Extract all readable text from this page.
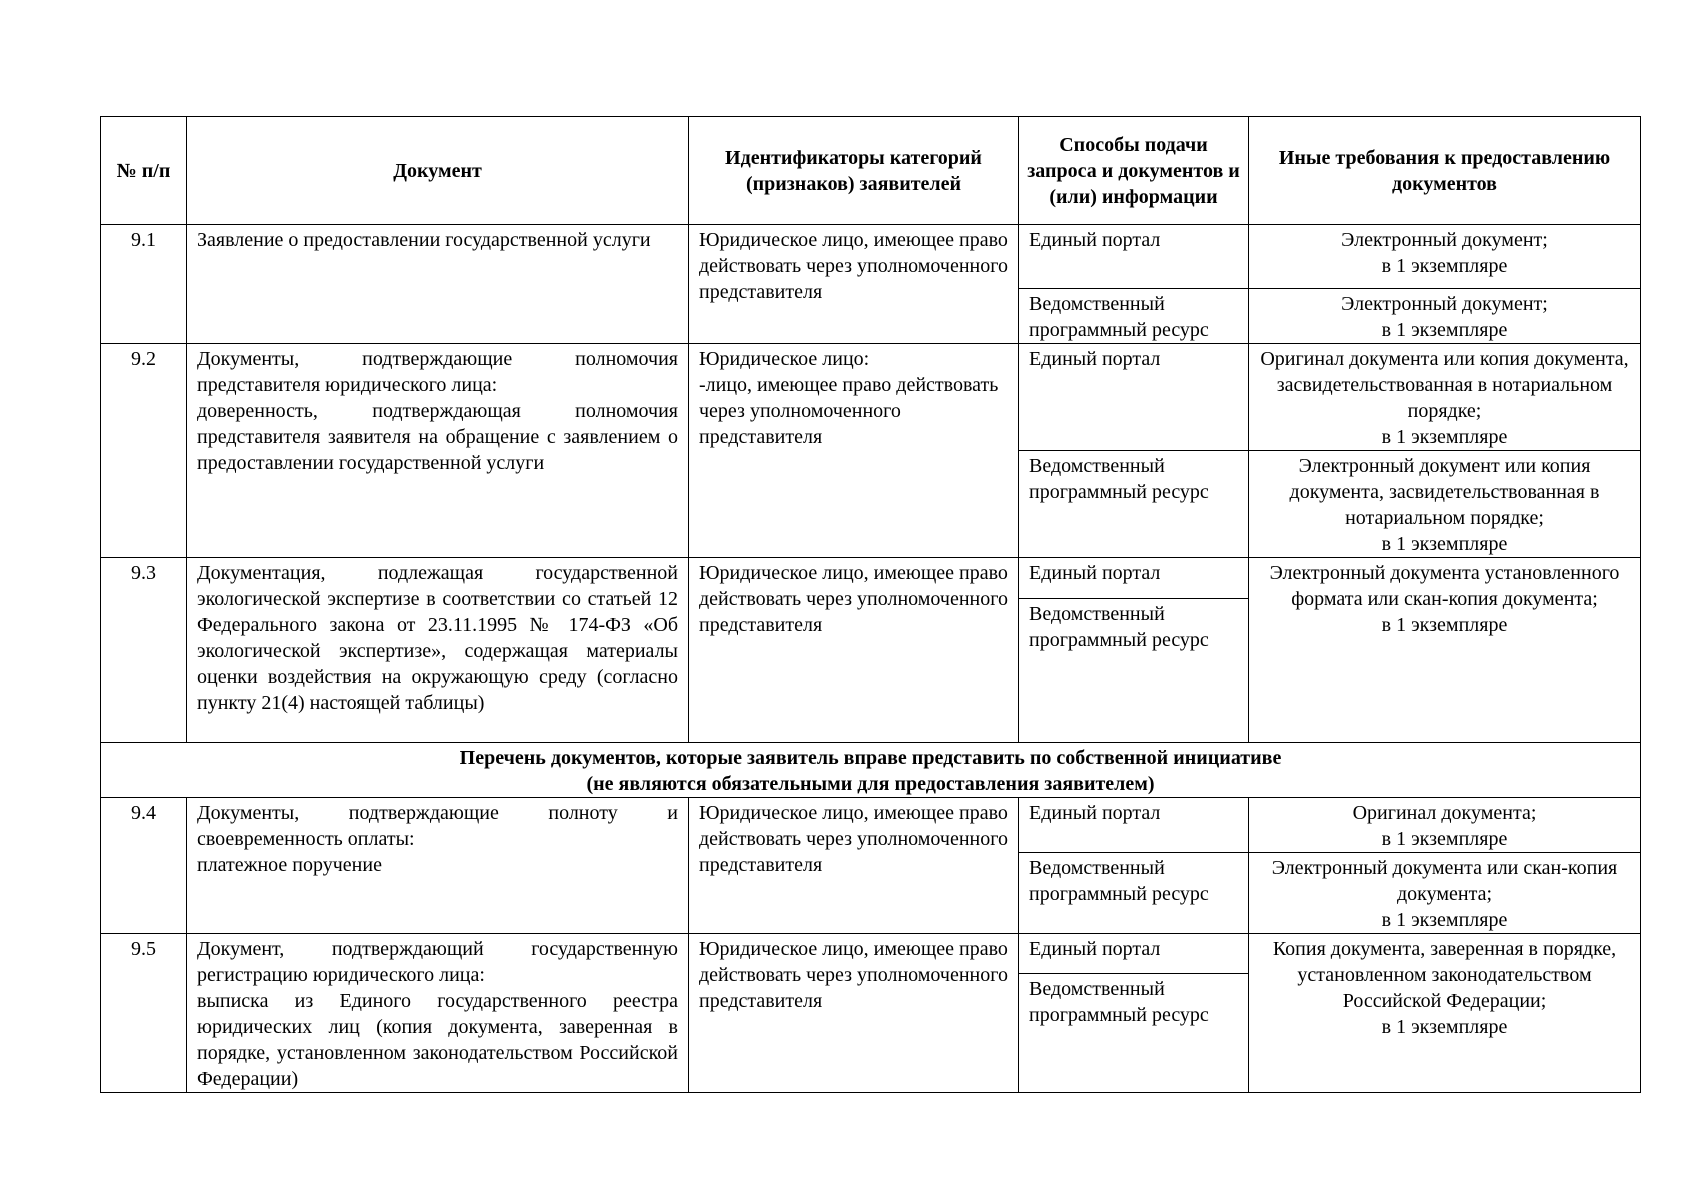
№ п/п	Документ	Идентификаторы категорий (признаков) заявителей	Способы подачи запроса и документов и (или) информации	Иные требования к предоставлению документов
9.1	Заявление о предоставлении государственной услуги	Юридическое лицо, имеющее право действовать через уполномоченного представителя	Единый портал	Электронный документ;
в 1 экземпляре
			Ведомственный программный ресурс	Электронный документ;
в 1 экземпляре
9.2	Документы, подтверждающие полномочия представителя юридического лица:
доверенность, подтверждающая полномочия представителя заявителя на обращение с заявлением о предоставлении государственной услуги	Юридическое лицо:
-лицо, имеющее право действовать через уполномоченного представителя	Единый портал	Оригинал документа или копия документа, засвидетельствованная в нотариальном порядке;
в 1 экземпляре
			Ведомственный программный ресурс	Электронный документ или копия документа, засвидетельствованная в нотариальном порядке;
в 1 экземпляре
9.3	Документация, подлежащая государственной экологической экспертизе в соответствии со статьей 12 Федерального закона от 23.11.1995 № 174-ФЗ «Об экологической экспертизе», содержащая материалы оценки воздействия на окружающую среду (согласно пункту 21(4) настоящей таблицы)	Юридическое лицо, имеющее право действовать через уполномоченного представителя	Единый портал	Электронный документа установленного формата или скан-копия документа;
в 1 экземпляре
			Ведомственный программный ресурс	

Перечень документов, которые заявитель вправе представить по собственной инициативе
(не являются обязательными для предоставления заявителем)				

9.4	Документы, подтверждающие полноту и своевременность оплаты:
платежное поручение	Юридическое лицо, имеющее право действовать через уполномоченного представителя	Единый портал	Оригинал документа;
в 1 экземпляре
			Ведомственный программный ресурс	Электронный документа или скан-копия документа;
в 1 экземпляре
9.5	Документ, подтверждающий государственную регистрацию юридического лица:
выписка из Единого государственного реестра юридических лиц (копия документа, заверенная в порядке, установленном законодательством Российской Федерации)	Юридическое лицо, имеющее право действовать через уполномоченного представителя	Единый портал	Копия документа, заверенная в порядке, установленном законодательством Российской Федерации;
в 1 экземпляре
			Ведомственный программный ресурс	
